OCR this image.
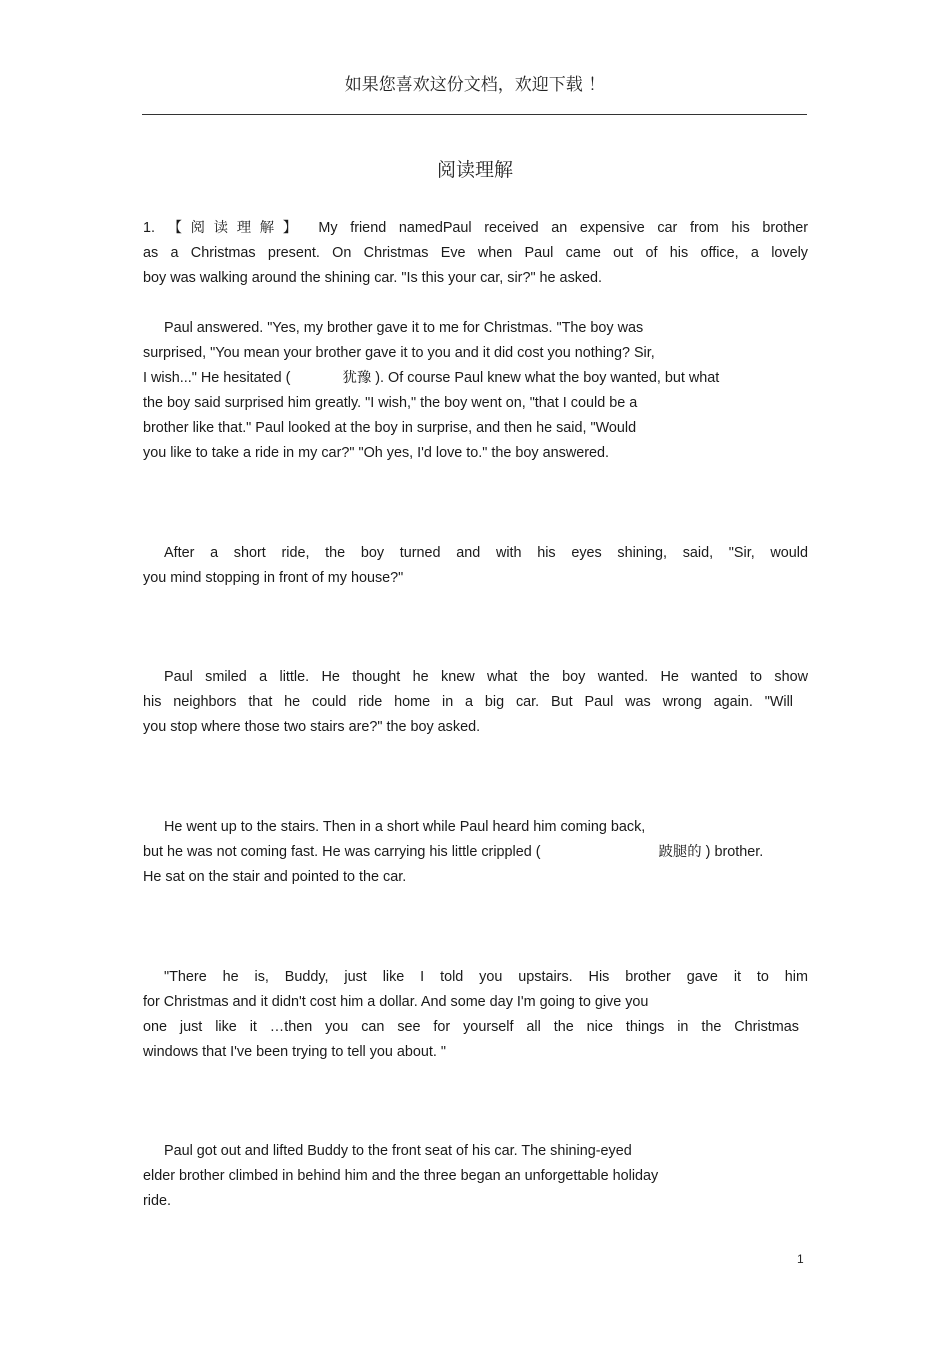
如果您喜欢这份文档，欢迎下载 ！
阅读理解
1. 【阅读理解】 My friend namedPaul received an expensive car from his brother
as a Christmas present. On Christmas Eve when Paul came out of his office, a lovely
boy was walking around the shining car. "Is this your car, sir?" he asked.
Paul answered. "Yes, my brother gave it to me for Christmas. "The boy was
surprised, "You mean your brother gave it to you and it did cost you nothing? Sir,
I wish..." He hesitated (	犹豫 ). Of course Paul knew what the boy wanted, but what
the boy said surprised him greatly. "I wish," the boy went on, "that I could be a
brother like that." Paul looked at the boy in surprise, and then he said, "Would
you like to take a ride in my car?" "Oh yes, I'd love to." the boy answered.
After a short ride, the boy turned and with his eyes shining, said, "Sir, would
you mind stopping in front of my house?"
Paul smiled a little. He thought he knew what the boy wanted. He wanted to show
his neighbors that he could ride home in a big car. But Paul was wrong again. "Will
you stop where those two stairs are?" the boy asked.
He went up to the stairs. Then in a short while Paul heard him coming back,
but he was not coming fast. He was carrying his little crippled (	跛腿的 ) brother.
He sat on the stair and pointed to the car.
"There he is, Buddy, just like I told you upstairs. His brother gave it to him
for Christmas and it didn't cost him a dollar. And some day I'm going to give you
one just like it …then you can see for yourself all the nice things in the Christmas
windows that I've been trying to tell you about. "
Paul got out and lifted Buddy to the front seat of his car. The shining-eyed
elder brother climbed in behind him and the three began an unforgettable holiday
ride.
1
